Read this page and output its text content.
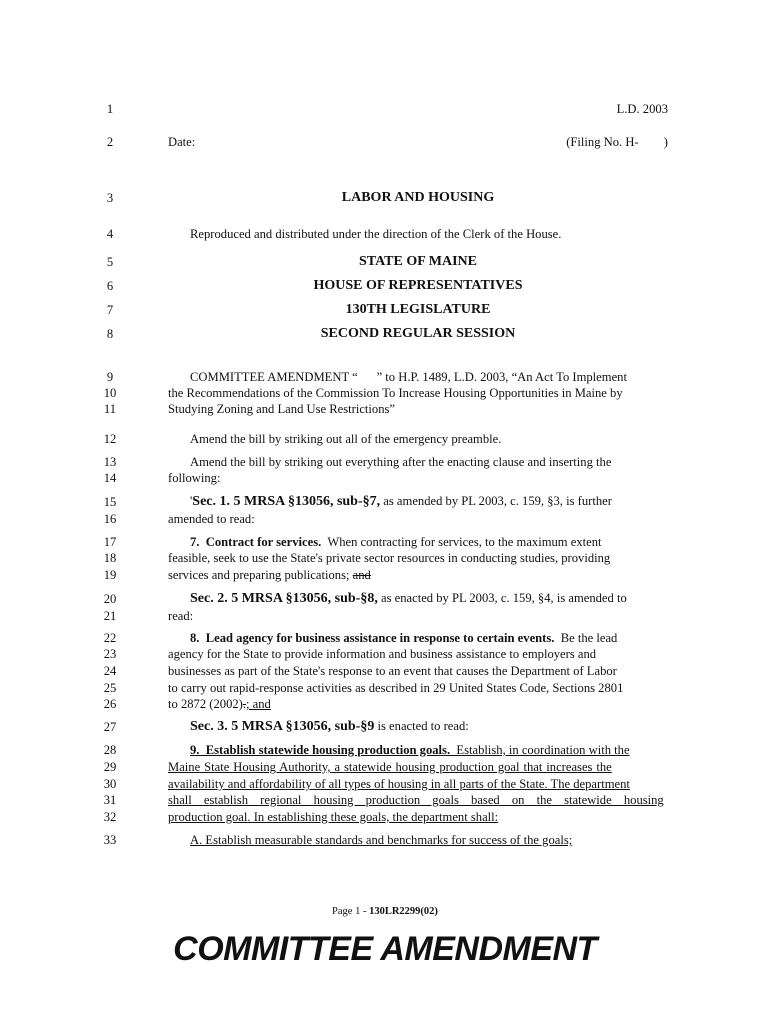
1
2
3
4
5
6
7
8
9
10
11
12
13
14
15
16
17
18
19
20
21
22
23
24
25
26
27
28
29
30
31
32
33
L.D. 2003
Date:	(Filing No. H-        )
LABOR AND HOUSING
Reproduced and distributed under the direction of the Clerk of the House.
STATE OF MAINE
HOUSE OF REPRESENTATIVES
130TH LEGISLATURE
SECOND REGULAR SESSION
COMMITTEE AMENDMENT “      ” to H.P. 1489, L.D. 2003, “An Act To Implement
the Recommendations of the Commission To Increase Housing Opportunities in Maine by
Studying Zoning and Land Use Restrictions”
Amend the bill by striking out all of the emergency preamble.
Amend the bill by striking out everything after the enacting clause and inserting the
following:
'Sec. 1. 5 MRSA §13056, sub-§7, as amended by PL 2003, c. 159, §3, is further
amended to read:
7.  Contract for services.  When contracting for services, to the maximum extent
feasible, seek to use the State's private sector resources in conducting studies, providing
services and preparing publications; and
Sec. 2. 5 MRSA §13056, sub-§8, as enacted by PL 2003, c. 159, §4, is amended to
read:
8.  Lead agency for business assistance in response to certain events.  Be the lead
agency for the State to provide information and business assistance to employers and
businesses as part of the State's response to an event that causes the Department of Labor
to carry out rapid-response activities as described in 29 United States Code, Sections 2801
to 2872 (2002).; and
Sec. 3. 5 MRSA §13056, sub-§9 is enacted to read:
9.  Establish statewide housing production goals.  Establish, in coordination with the
Maine State Housing Authority, a statewide housing production goal that increases the
availability and affordability of all types of housing in all parts of the State. The department
shall establish regional housing production goals based on the statewide housing
production goal. In establishing these goals, the department shall:
A. Establish measurable standards and benchmarks for success of the goals;
Page 1 - 130LR2299(02)
COMMITTEE AMENDMENT
